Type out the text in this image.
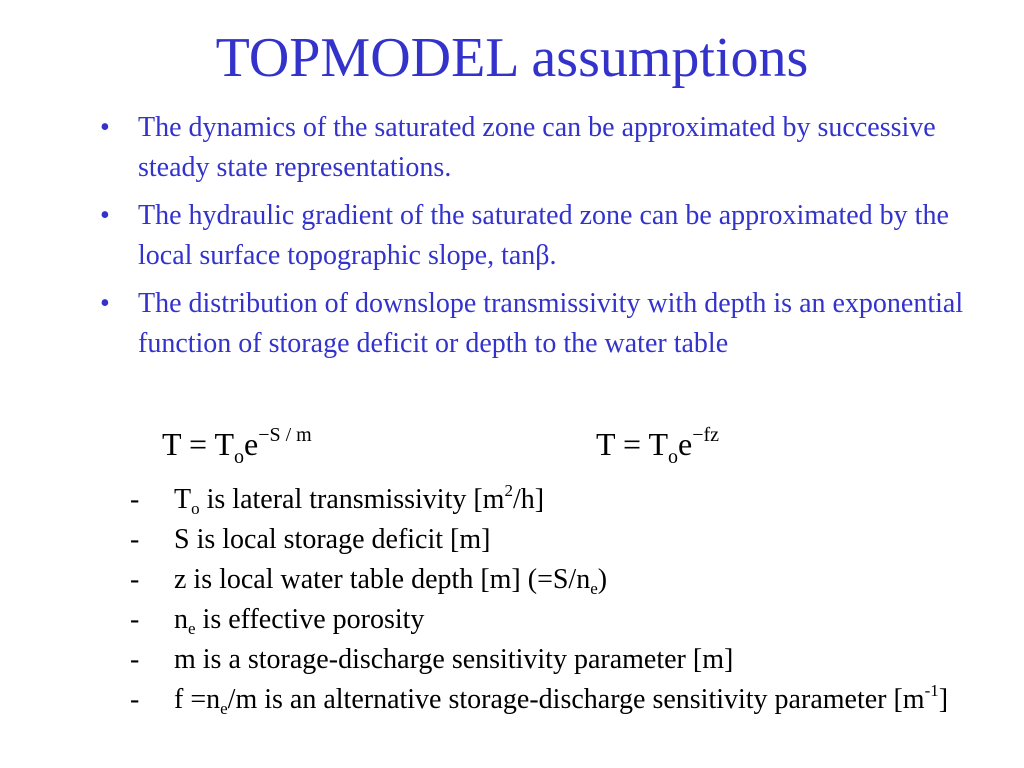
TOPMODEL assumptions
• The dynamics of the saturated zone can be approximated by successive steady state representations.
• The hydraulic gradient of the saturated zone can be approximated by the local surface topographic slope, tanβ.
• The distribution of downslope transmissivity with depth is an exponential function of storage deficit or depth to the water table
$T = T_oe^{-S / m}$	$T = T_oe^{-fz}$
- $T_o$ is lateral transmissivity $[m^2/h]$
- S is local storage deficit [m]
- z is local water table depth [m] $(=S/n_e)$
- $n_e$ is effective porosity
- m is a storage-discharge sensitivity parameter [m]
- $f =n_e/m$ is an alternative storage-discharge sensitivity parameter $[m^{-1}]$
